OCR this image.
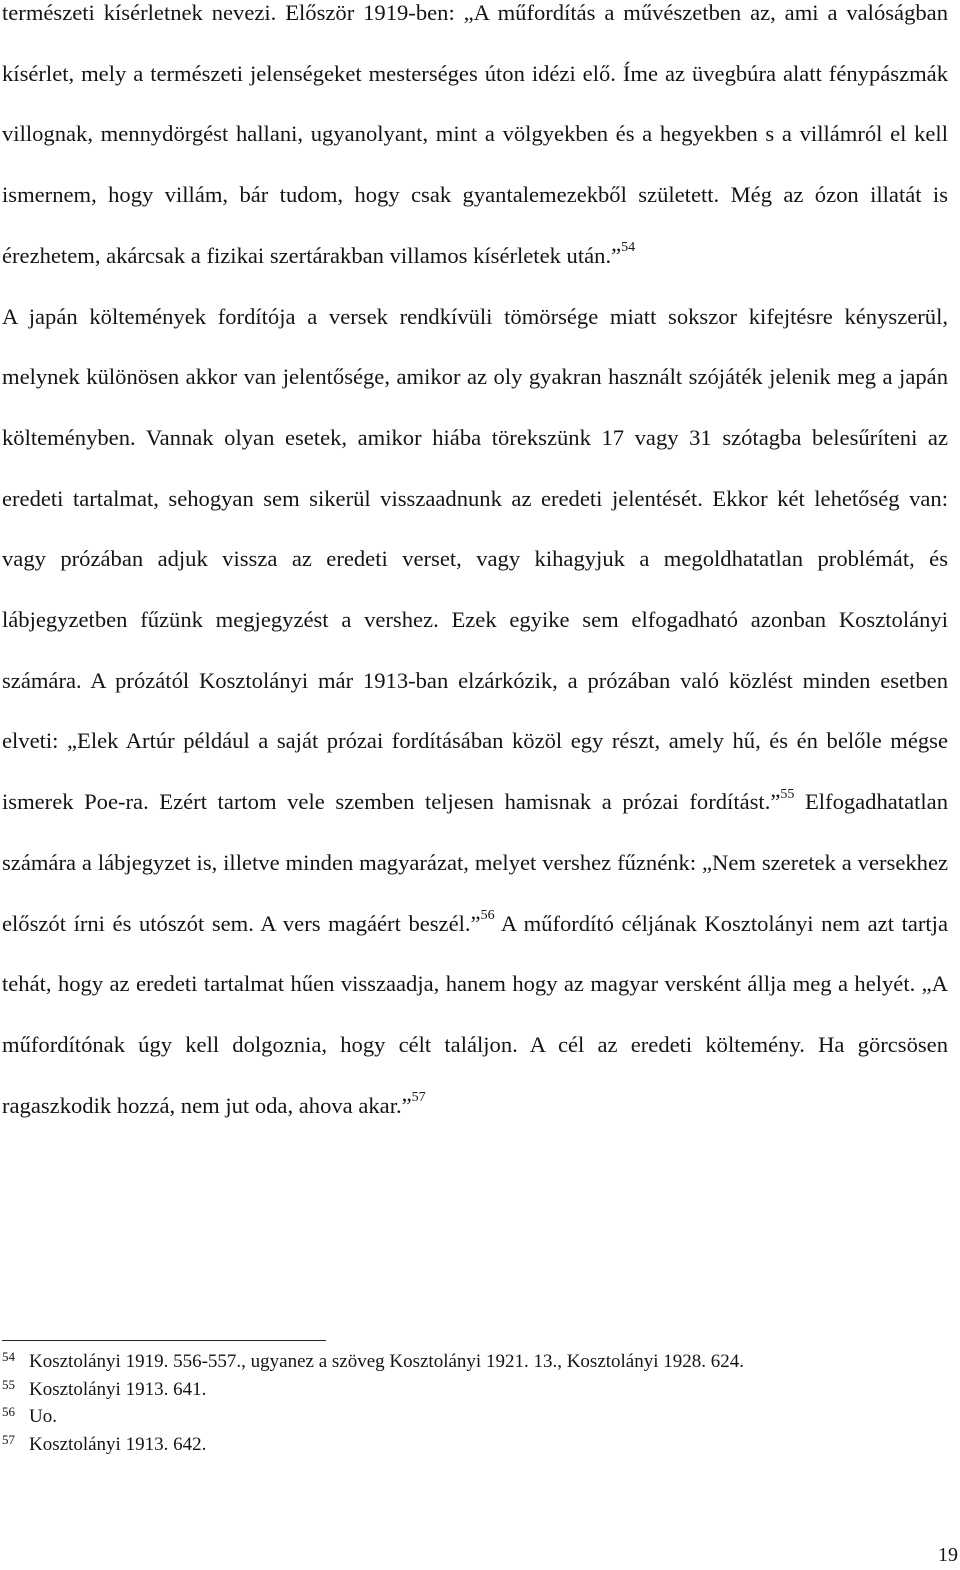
természeti kísérletnek nevezi. Először 1919-ben: „A műfordítás a művészetben az, ami a valóságban kísérlet, mely a természeti jelenségeket mesterséges úton idézi elő. Íme az üvegbúra alatt fénypászmák villognak, mennydörgést hallani, ugyanolyant, mint a völgyekben és a hegyekben s a villámról el kell ismernem, hogy villám, bár tudom, hogy csak gyantalemezekből született. Még az ózon illatát is érezhetem, akárcsak a fizikai szertárakban villamos kísérletek után.”$^{54}$

A japán költemények fordítója a versek rendkívüli tömörsége miatt sokszor kifejtésre kényszerül, melynek különösen akkor van jelentősége, amikor az oly gyakran használt szójáték jelenik meg a japán költeményben. Vannak olyan esetek, amikor hiába törekszünk 17 vagy 31 szótagba belesűríteni az eredeti tartalmat, sehogyan sem sikerül visszaadnunk az eredeti jelentését. Ekkor két lehetőség van: vagy prózában adjuk vissza az eredeti verset, vagy kihagyjuk a megoldhatatlan problémát, és lábjegyzetben fűzünk megjegyzést a vershez. Ezek egyike sem elfogadható azonban Kosztolányi számára. A prózától Kosztolányi már 1913-ban elzárkózik, a prózában való közlést minden esetben elveti: „Elek Artúr például a saját prózai fordításában közöl egy részt, amely hű, és én belőle mégse ismerek Poe-ra. Ezért tartom vele szemben teljesen hamisnak a prózai fordítást.”$^{55}$ Elfogadhatatlan számára a lábjegyzet is, illetve minden magyarázat, melyet vershez fűznénk: „Nem szeretek a versekhez előszót írni és utószót sem. A vers magáért beszél.”$^{56}$ A műfordító céljának Kosztolányi nem azt tartja tehát, hogy az eredeti tartalmat hűen visszaadja, hanem hogy az magyar versként állja meg a helyét. „A műfordítónak úgy kell dolgoznia, hogy célt találjon. A cél az eredeti költemény. Ha görcsösen ragaszkodik hozzá, nem jut oda, ahova akar.”$^{57}$

54 Kosztolányi 1919. 556-557., ugyanez a szöveg Kosztolányi 1921. 13., Kosztolányi 1928. 624.
55 Kosztolányi 1913. 641.
56 Uo.
57 Kosztolányi 1913. 642.
19
